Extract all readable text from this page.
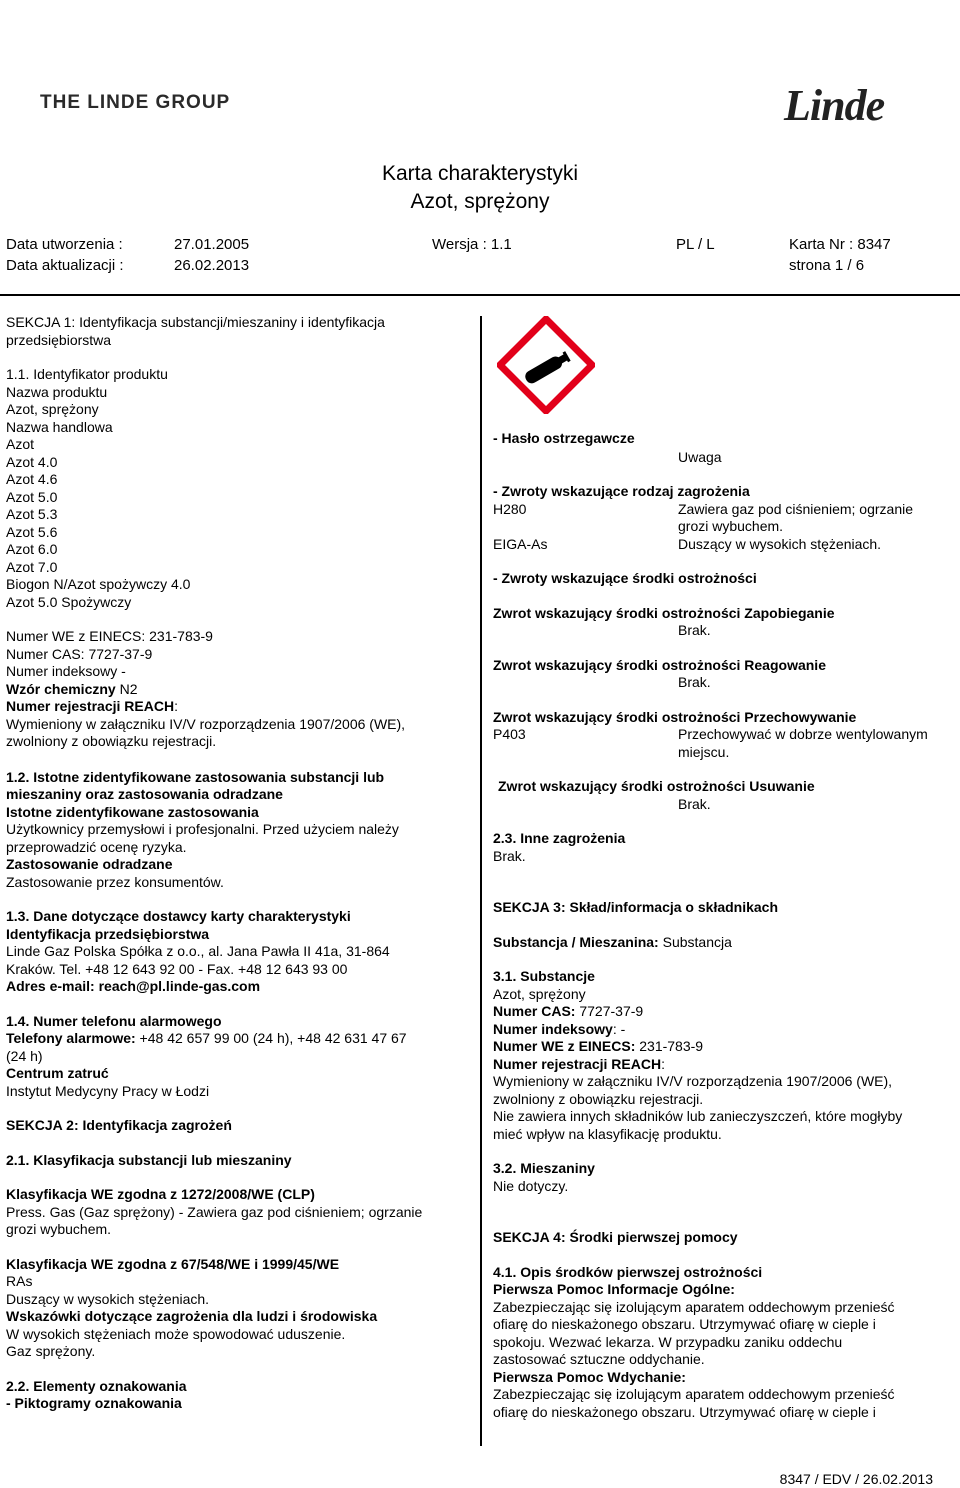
THE LINDE GROUP	Linde
Karta charakterystyki
Azot, sprężony
Data utworzenia :	27.01.2005	Wersja : 1.1	PL / L	Karta Nr : 8347
Data aktualizacji :	26.02.2013	strona 1 / 6
SEKCJA 1: Identyfikacja substancji/mieszaniny i identyfikacja
przedsiębiorstwa
1.1. Identyfikator produktu
Nazwa produktu
Azot, sprężony
Nazwa handlowa
Azot
Azot 4.0
Azot 4.6
Azot 5.0
Azot 5.3
Azot 5.6
Azot 6.0
Azot 7.0
Biogon N/Azot spożywczy 4.0
Azot 5.0 Spożywczy
Numer WE z EINECS: 231-783-9
Numer CAS: 7727-37-9
Numer indeksowy -
Wzór chemiczny N2
Numer rejestracji REACH:
Wymieniony w załączniku IV/V rozporządzenia 1907/2006 (WE),
zwolniony z obowiązku rejestracji.
1.2. Istotne zidentyfikowane zastosowania substancji lub
mieszaniny oraz zastosowania odradzane
Istotne zidentyfikowane zastosowania
Użytkownicy przemysłowi i profesjonalni. Przed użyciem należy
przeprowadzić ocenę ryzyka.
Zastosowanie odradzane
Zastosowanie przez konsumentów.
1.3. Dane dotyczące dostawcy karty charakterystyki
Identyfikacja przedsiębiorstwa
Linde Gaz Polska Spółka z o.o., al. Jana Pawła II 41a, 31-864
Kraków. Tel. +48 12 643 92 00 - Fax. +48 12 643 93 00
Adres e-mail: reach@pl.linde-gas.com
1.4. Numer telefonu alarmowego
Telefony alarmowe: +48 42 657 99 00 (24 h), +48 42 631 47 67
(24 h)
Centrum zatruć
Instytut Medycyny Pracy w Łodzi
SEKCJA 2: Identyfikacja zagrożeń
2.1. Klasyfikacja substancji lub mieszaniny
Klasyfikacja WE zgodna z 1272/2008/WE (CLP)
Press. Gas (Gaz sprężony) - Zawiera gaz pod ciśnieniem; ogrzanie
grozi wybuchem.
Klasyfikacja WE zgodna z 67/548/WE i 1999/45/WE
RAs
Duszący w wysokich stężeniach.
Wskazówki dotyczące zagrożenia dla ludzi i środowiska
W wysokich stężeniach może spowodować uduszenie.
Gaz sprężony.
2.2. Elementy oznakowania
- Piktogramy oznakowania
- Hasło ostrzegawcze
Uwaga
- Zwroty wskazujące rodzaj zagrożenia
H280	Zawiera gaz pod ciśnieniem; ogrzanie
grozi wybuchem.
EIGA-As	Duszący w wysokich stężeniach.
- Zwroty wskazujące środki ostrożności
Zwrot wskazujący środki ostrożności Zapobieganie
Brak.
Zwrot wskazujący środki ostrożności Reagowanie
Brak.
Zwrot wskazujący środki ostrożności Przechowywanie
P403	Przechowywać w dobrze wentylowanym
miejscu.
Zwrot wskazujący środki ostrożności Usuwanie
Brak.
2.3. Inne zagrożenia
Brak.
SEKCJA 3: Skład/informacja o składnikach
Substancja / Mieszanina: Substancja
3.1. Substancje
Azot, sprężony
Numer CAS: 7727-37-9
Numer indeksowy: -
Numer WE z EINECS: 231-783-9
Numer rejestracji REACH:
Wymieniony w załączniku IV/V rozporządzenia 1907/2006 (WE),
zwolniony z obowiązku rejestracji.
Nie zawiera innych składników lub zanieczyszczeń, które mogłyby
mieć wpływ na klasyfikację produktu.
3.2. Mieszaniny
Nie dotyczy.
SEKCJA 4: Środki pierwszej pomocy
4.1. Opis środków pierwszej ostrożności
Pierwsza Pomoc Informacje Ogólne:
Zabezpieczając się izolującym aparatem oddechowym przenieść
ofiarę do nieskażonego obszaru. Utrzymywać ofiarę w cieple i
spokoju. Wezwać lekarza. W przypadku zaniku oddechu
zastosować sztuczne oddychanie.
Pierwsza Pomoc Wdychanie:
Zabezpieczając się izolującym aparatem oddechowym przenieść
ofiarę do nieskażonego obszaru. Utrzymywać ofiarę w cieple i
8347 / EDV / 26.02.2013
